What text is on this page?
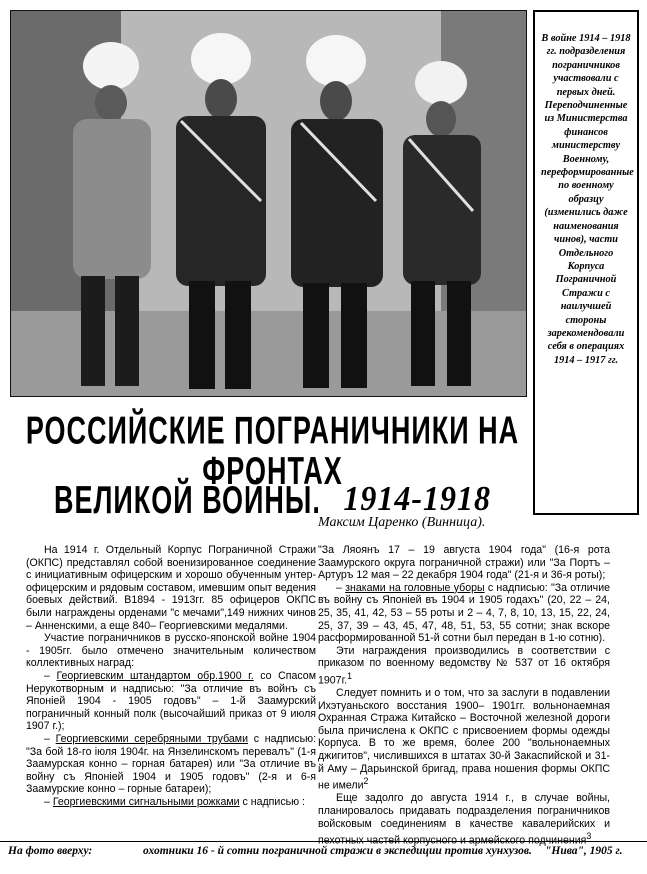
В войне 1914 – 1918 гг. подразделения пограничников участвовали с первых дней. Переподчиненные из Министерства финансов министерству Военному, переформированные по военному образцу (изменились даже наименования чинов), части Отдельного Корпуса Пограничной Стражи с наилучшей стороны зарекомендовали себя в операциях 1914 – 1917 гг.
РОССИЙСКИЕ ПОГРАНИЧНИКИ НА ФРОНТАХ
ВЕЛИКОЙ ВОЙНЫ. 1914-1918
Максим Царенко (Винница).

На 1914 г. Отдельный Корпус Пограничной Стражи (ОКПС) представлял собой военизированное соединение с инициативным офицерским и хорошо обученным унтер-офицерским и рядовым составом, имевшим опыт ведения боевых действий. В1894 - 1913гг. 85 офицеров ОКПС были награждены орденами "с мечами",149 нижних чинов – Анненскими, а еще 840– Георгиевскими медалями.

Участие пограничников в русско-японской войне 1904 - 1905гг. было отмечено значительным количеством коллективных наград:

– Георгиевским штандартом обр.1900 г. со Спасом Нерукотворным и надписью: "За отличие въ войнъ съ Японiей 1904 - 1905 годовъ" – 1-й Заамурский пограничный конный полк (высочайший приказ от 9 июля 1907 г.);

– Георгиевскими серебряными трубами с надписью: "За бой 18-го iюля 1904г. на Янзелинскомъ перевалъ" (1-я Заамурская конно – горная батарея) или "За отличие въ войну съ Японiей 1904 и 1905 годовъ" (2-я и 6-я Заамурские конно – горные батареи);

– Георгиевскими сигнальными рожками с надписью :

"За Ляоянъ 17 – 19 августа 1904 года" (16-я рота Заамурского округа пограничной стражи) или "За Портъ – Артуръ 12 мая – 22 декабря 1904 года" (21-я и 36-я роты);

– знаками на головные уборы с надписью: "За отличие въ войну съ Японiей въ 1904 и 1905 годахъ" (20, 22 – 24, 25, 35, 41, 42, 53 – 55 роты и 2 – 4, 7, 8, 10, 13, 15, 22, 24, 25, 37, 39 – 43, 45, 47, 48, 51, 53, 55 сотни; знак вскоре расформированной 51-й сотни был передан в 1-ю сотню).

Эти награждения производились в соответствии с приказом по военному ведомству № 537 от 16 октября 1907г.$^1$

Следует помнить и о том, что за заслуги в подавлении Ихэтуаньского восстания 1900– 1901гг. вольнонаемная Охранная Стража Китайско – Восточной железной дороги была причислена к ОКПС с присвоением формы одежды Корпуса. В то же время, более 200 "вольнонаемных джигитов", числившихся в штатах 30-й Закаспийской и 31-й Аму – Дарьинской бригад, права ношения формы ОКПС не имели$^2$

Еще задолго до августа 1914 г., в случае войны, планировалось придавать подразделения пограничников войсковым соединениям в качестве кавалерийских и пехотных частей корпусного и армейского подчинения$^3$

На фото вверху:	охотники 16 - й сотни пограничной стражи в экспедиции против хунхузов. "Нива", 1905 г.
